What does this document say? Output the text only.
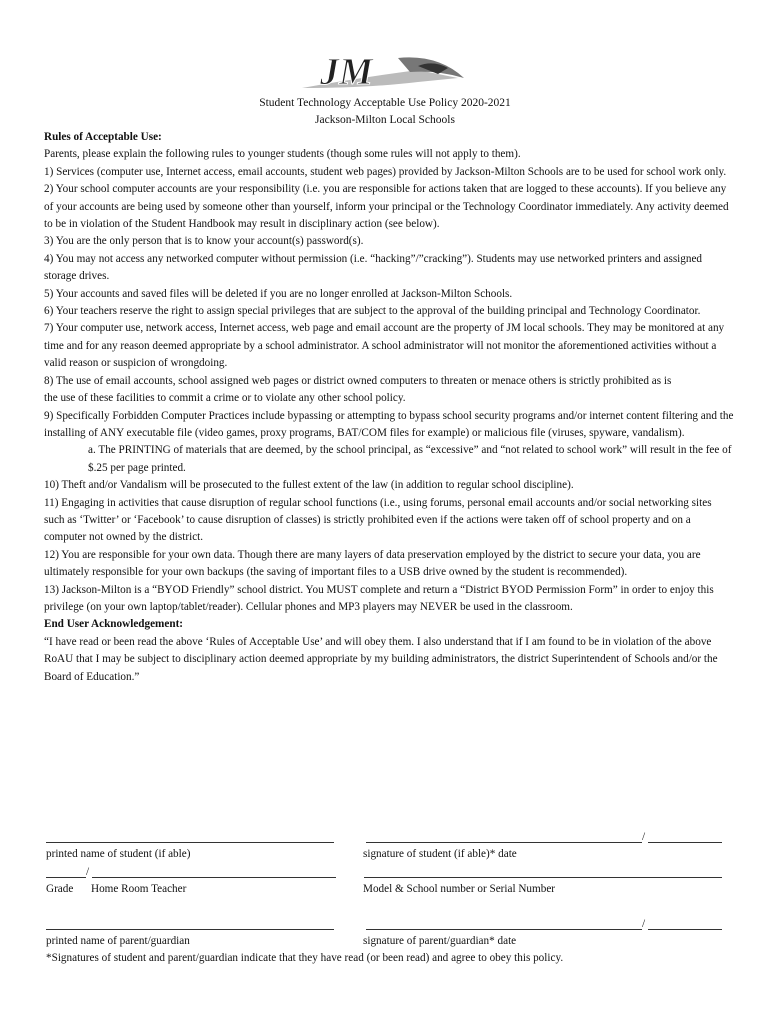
JM
Student Technology Acceptable Use Policy 2020-2021
Jackson-Milton Local Schools

Rules of Acceptable Use:

Parents, please explain the following rules to younger students (though some rules will not apply to them).

1) Services (computer use, Internet access, email accounts, student web pages) provided by Jackson-Milton Schools are to be used for school work only.

2) Your school computer accounts are your responsibility (i.e. you are responsible for actions taken that are logged to these accounts). If you believe any of your accounts are being used by someone other than yourself, inform your principal or the Technology Coordinator immediately. Any activity deemed to be in violation of the Student Handbook may result in disciplinary action (see below).

3) You are the only person that is to know your account(s) password(s).

4) You may not access any networked computer without permission (i.e. “hacking”/”cracking”). Students may use networked printers and assigned storage drives.

5) Your accounts and saved files will be deleted if you are no longer enrolled at Jackson-Milton Schools.

6) Your teachers reserve the right to assign special privileges that are subject to the approval of the building principal and Technology Coordinator.

7) Your computer use, network access, Internet access, web page and email account are the property of JM local schools. They may be monitored at any time and for any reason deemed appropriate by a school administrator. A school administrator will not monitor the aforementioned activities without a valid reason or suspicion of wrongdoing.

8) The use of email accounts, school assigned web pages or district owned computers to threaten or menace others is strictly prohibited as is

the use of these facilities to commit a crime or to violate any other school policy.

9) Specifically Forbidden Computer Practices include bypassing or attempting to bypass school security programs and/or internet content filtering and the installing of ANY executable file (video games, proxy programs, BAT/COM files for example) or malicious file (viruses, spyware, vandalism).

a. The PRINTING of materials that are deemed, by the school principal, as “excessive” and “not related to school work” will result in the fee of $.25 per page printed.

10) Theft and/or Vandalism will be prosecuted to the fullest extent of the law (in addition to regular school discipline).

11) Engaging in activities that cause disruption of regular school functions (i.e., using forums, personal email accounts and/or social networking sites such as ‘Twitter’ or ‘Facebook’ to cause disruption of classes) is strictly prohibited even if the actions were taken off of school property and on a computer not owned by the district.

12) You are responsible for your own data. Though there are many layers of data preservation employed by the district to secure your data, you are ultimately responsible for your own backups (the saving of important files to a USB drive owned by the student is recommended).

13) Jackson-Milton is a “BYOD Friendly” school district. You MUST complete and return a “District BYOD Permission Form” in order to enjoy this privilege (on your own laptop/tablet/reader). Cellular phones and MP3 players may NEVER be used in the classroom.

End User Acknowledgement:

“I have read or been read the above ‘Rules of Acceptable Use’ and will obey them. I also understand that if I am found to be in violation of the above RoAU that I may be subject to disciplinary action deemed appropriate by my building administrators, the district Superintendent of Schools and/or the Board of Education.”

/
printed name of student (if able)	signature of student (if able)* date
/
Grade Home Room Teacher	Model & School number or Serial Number
/
printed name of parent/guardian	signature of parent/guardian* date
*Signatures of student and parent/guardian indicate that they have read (or been read) and agree to obey this policy.
